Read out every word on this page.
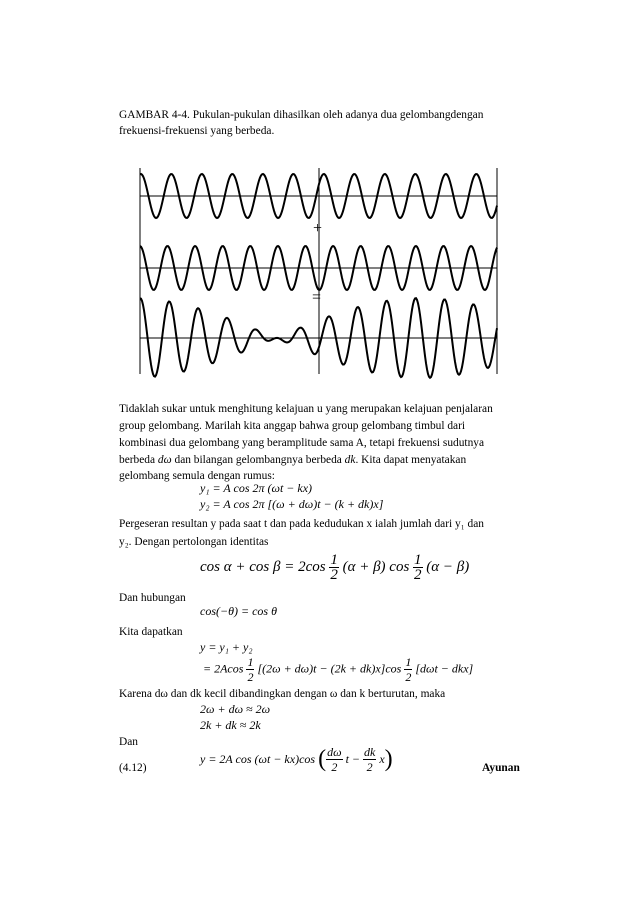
GAMBAR 4-4. Pukulan-pukulan dihasilkan oleh adanya dua gelombangdengan
frekuensi-frekuensi yang berbeda.
+
=
Tidaklah sukar untuk menghitung kelajuan u yang merupakan kelajuan penjalaran
group gelombang. Marilah kita anggap bahwa group gelombang timbul dari
kombinasi dua gelombang yang beramplitude sama A, tetapi frekuensi sudutnya
berbeda dω dan bilangan gelombangnya berbeda dk. Kita dapat menyatakan
gelombang semula dengan rumus:
y₁ = A cos 2π (ωt − kx)
y₂ = A cos 2π [(ω + dω)t − (k + dk)x]
Pergeseran resultan y pada saat t dan pada kedudukan x ialah jumlah dari y₁ dan
y₂. Dengan pertolongan identitas
$\cos \alpha + \cos \beta = 2\cos \frac{1}{2} (\alpha + \beta)$ $\cos \frac{1}{2} (\alpha - \beta)$
Dan hubungan
cos(−θ) = cos θ
Kita dapatkan
y = y₁ + y₂
= $2Acos \frac{1}{2} [(2\omega + d\omega)t - (2k + dk)x]\cos \frac{1}{2} [d\omega t - dkx]$
Karena dω dan dk kecil dibandingkan dengan ω dan k berturutan, maka
2ω + dω ≈ 2ω
2k + dk ≈ 2k
Dan
(4.12)
y = 2A cos (ωt − kx)cos ( $\frac{d\omega}{2}$ $t - \frac{dk}{2} x$)	Ayunan
